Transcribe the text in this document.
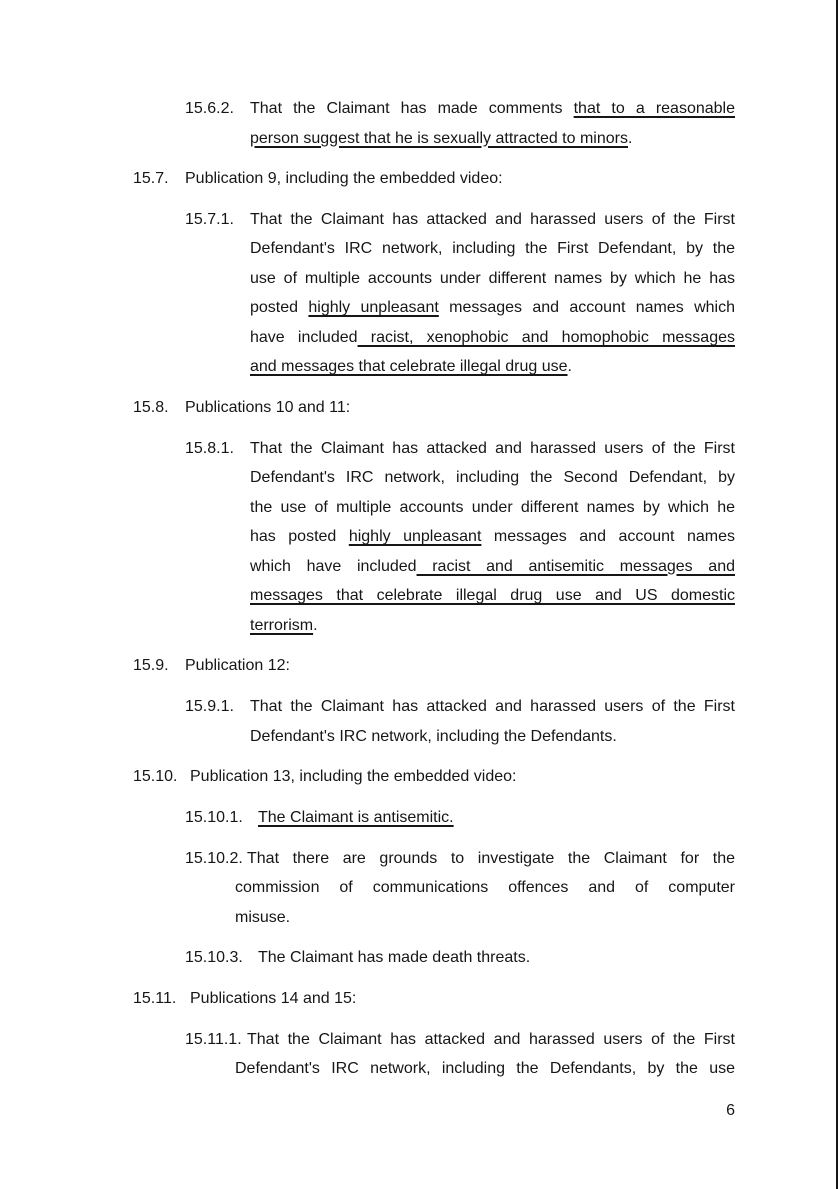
15.6.2. That the Claimant has made comments that to a reasonable
person suggest that he is sexually attracted to minors.
15.7. Publication 9, including the embedded video:
15.7.1. That the Claimant has attacked and harassed users of the First
Defendant's IRC network, including the First Defendant, by the
use of multiple accounts under different names by which he has
posted highly unpleasant messages and account names which
have included racist, xenophobic and homophobic messages
and messages that celebrate illegal drug use.
15.8. Publications 10 and 11:
15.8.1. That the Claimant has attacked and harassed users of the First
Defendant's IRC network, including the Second Defendant, by
the use of multiple accounts under different names by which he
has posted highly unpleasant messages and account names
which have included racist and antisemitic messages and
messages that celebrate illegal drug use and US domestic
terrorism.
15.9. Publication 12:
15.9.1. That the Claimant has attacked and harassed users of the First
Defendant's IRC network, including the Defendants.
15.10. Publication 13, including the embedded video:
15.10.1. The Claimant is antisemitic.
15.10.2. That there are grounds to investigate the Claimant for the
commission of communications offences and of computer
misuse.
15.10.3. The Claimant has made death threats.
15.11. Publications 14 and 15:
15.11.1. That the Claimant has attacked and harassed users of the First
Defendant's IRC network, including the Defendants, by the use
6
